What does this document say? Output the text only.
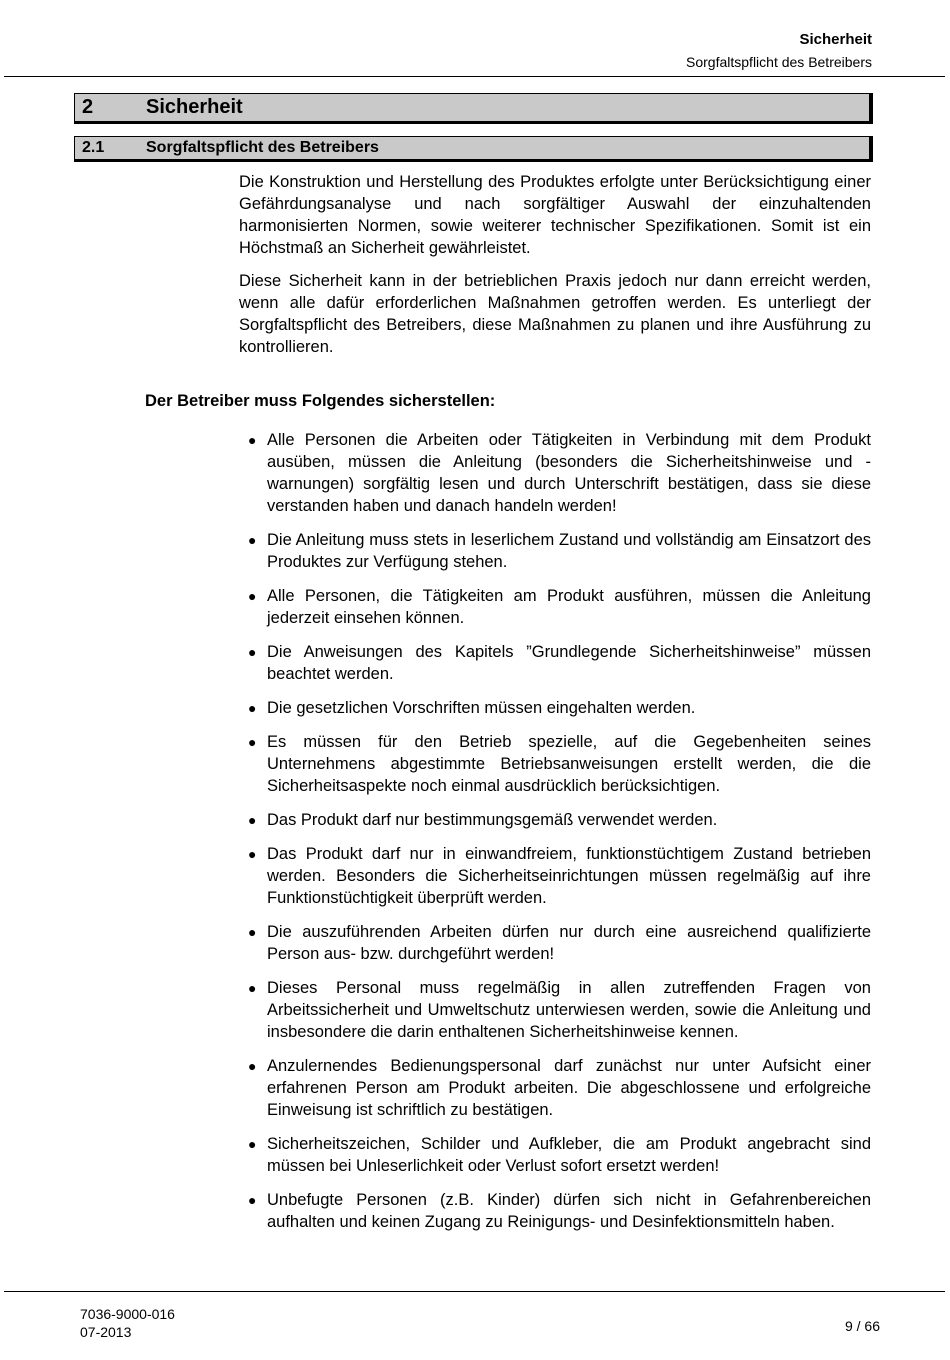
Sicherheit
Sorgfaltspflicht des Betreibers
2	Sicherheit
2.1	Sorgfaltspflicht des Betreibers

Die Konstruktion und Herstellung des Produktes erfolgte unter Berücksichtigung einer Gefährdungsanalyse und nach sorgfältiger Auswahl der einzuhaltenden harmonisierten Normen, sowie weiterer technischer Spezifikationen. Somit ist ein Höchstmaß an Sicherheit gewährleistet.

Diese Sicherheit kann in der betrieblichen Praxis jedoch nur dann erreicht werden, wenn alle dafür erforderlichen Maßnahmen getroffen werden. Es unterliegt der Sorgfaltspflicht des Betreibers, diese Maßnahmen zu planen und ihre Ausführung zu kontrollieren.

Der Betreiber muss Folgendes sicherstellen:
● Alle Personen die Arbeiten oder Tätigkeiten in Verbindung mit dem Produkt ausüben, müssen die Anleitung (besonders die Sicherheitshinweise und -warnungen) sorgfältig lesen und durch Unterschrift bestätigen, dass sie diese verstanden haben und danach handeln werden!
● Die Anleitung muss stets in leserlichem Zustand und vollständig am Einsatzort des Produktes zur Verfügung stehen.
● Alle Personen, die Tätigkeiten am Produkt ausführen, müssen die Anleitung jederzeit einsehen können.
● Die Anweisungen des Kapitels ”Grundlegende Sicherheitshinweise” müssen beachtet werden.
● Die gesetzlichen Vorschriften müssen eingehalten werden.
● Es müssen für den Betrieb spezielle, auf die Gegebenheiten seines Unternehmens abgestimmte Betriebsanweisungen erstellt werden, die die Sicherheitsaspekte noch einmal ausdrücklich berücksichtigen.
● Das Produkt darf nur bestimmungsgemäß verwendet werden.
● Das Produkt darf nur in einwandfreiem, funktionstüchtigem Zustand betrieben werden. Besonders die Sicherheitseinrichtungen müssen regelmäßig auf ihre Funktionstüchtigkeit überprüft werden.
● Die auszuführenden Arbeiten dürfen nur durch eine ausreichend qualifizierte Person aus- bzw. durchgeführt werden!
● Dieses Personal muss regelmäßig in allen zutreffenden Fragen von Arbeitssicherheit und Umweltschutz unterwiesen werden, sowie die Anleitung und insbesondere die darin enthaltenen Sicherheitshinweise kennen.
● Anzulernendes Bedienungspersonal darf zunächst nur unter Aufsicht einer erfahrenen Person am Produkt arbeiten. Die abgeschlossene und erfolgreiche Einweisung ist schriftlich zu bestätigen.
● Sicherheitszeichen, Schilder und Aufkleber, die am Produkt angebracht sind müssen bei Unleserlichkeit oder Verlust sofort ersetzt werden!
● Unbefugte Personen (z.B. Kinder) dürfen sich nicht in Gefahrenbereichen aufhalten und keinen Zugang zu Reinigungs- und Desinfektionsmitteln haben.
7036-9000-016
07-2013	9 / 66
